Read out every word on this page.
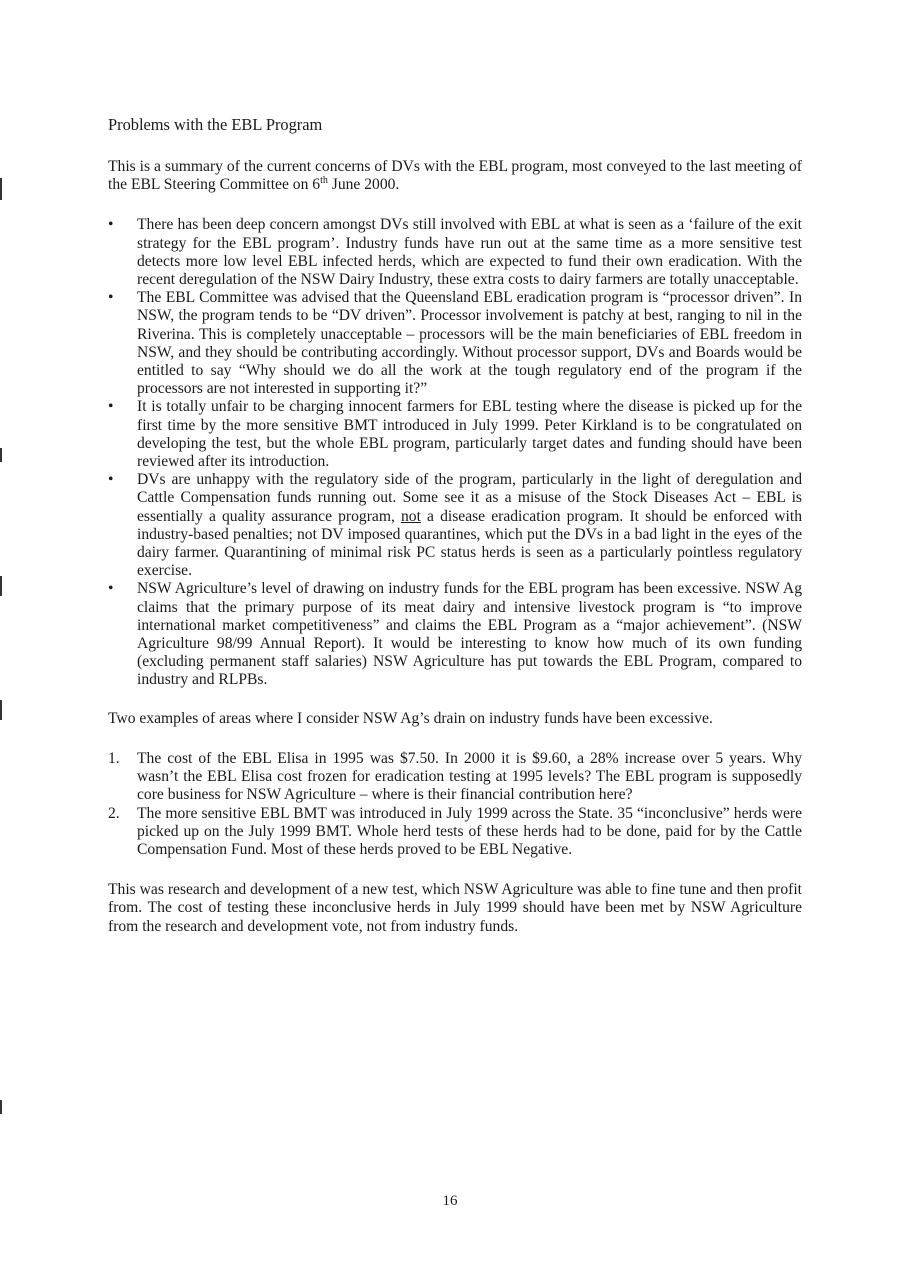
Problems with the EBL Program

This is a summary of the current concerns of DVs with the EBL program, most conveyed to the last meeting of the EBL Steering Committee on 6th June 2000.

• There has been deep concern amongst DVs still involved with EBL at what is seen as a ‘failure of the exit strategy for the EBL program’. Industry funds have run out at the same time as a more sensitive test detects more low level EBL infected herds, which are expected to fund their own eradication. With the recent deregulation of the NSW Dairy Industry, these extra costs to dairy farmers are totally unacceptable.
• The EBL Committee was advised that the Queensland EBL eradication program is “processor driven”. In NSW, the program tends to be “DV driven”. Processor involvement is patchy at best, ranging to nil in the Riverina. This is completely unacceptable – processors will be the main beneficiaries of EBL freedom in NSW, and they should be contributing accordingly. Without processor support, DVs and Boards would be entitled to say “Why should we do all the work at the tough regulatory end of the program if the processors are not interested in supporting it?”
• It is totally unfair to be charging innocent farmers for EBL testing where the disease is picked up for the first time by the more sensitive BMT introduced in July 1999. Peter Kirkland is to be congratulated on developing the test, but the whole EBL program, particularly target dates and funding should have been reviewed after its introduction.
• DVs are unhappy with the regulatory side of the program, particularly in the light of deregulation and Cattle Compensation funds running out. Some see it as a misuse of the Stock Diseases Act – EBL is essentially a quality assurance program, not a disease eradication program. It should be enforced with industry-based penalties; not DV imposed quarantines, which put the DVs in a bad light in the eyes of the dairy farmer. Quarantining of minimal risk PC status herds is seen as a particularly pointless regulatory exercise.
• NSW Agriculture’s level of drawing on industry funds for the EBL program has been excessive. NSW Ag claims that the primary purpose of its meat dairy and intensive livestock program is “to improve international market competitiveness” and claims the EBL Program as a “major achievement”. (NSW Agriculture 98/99 Annual Report). It would be interesting to know how much of its own funding (excluding permanent staff salaries) NSW Agriculture has put towards the EBL Program, compared to industry and RLPBs.

Two examples of areas where I consider NSW Ag’s drain on industry funds have been excessive.

1. The cost of the EBL Elisa in 1995 was $7.50. In 2000 it is $9.60, a 28% increase over 5 years. Why wasn’t the EBL Elisa cost frozen for eradication testing at 1995 levels? The EBL program is supposedly core business for NSW Agriculture – where is their financial contribution here?
2. The more sensitive EBL BMT was introduced in July 1999 across the State. 35 “inconclusive” herds were picked up on the July 1999 BMT. Whole herd tests of these herds had to be done, paid for by the Cattle Compensation Fund. Most of these herds proved to be EBL Negative.

This was research and development of a new test, which NSW Agriculture was able to fine tune and then profit from. The cost of testing these inconclusive herds in July 1999 should have been met by NSW Agriculture from the research and development vote, not from industry funds.

16
